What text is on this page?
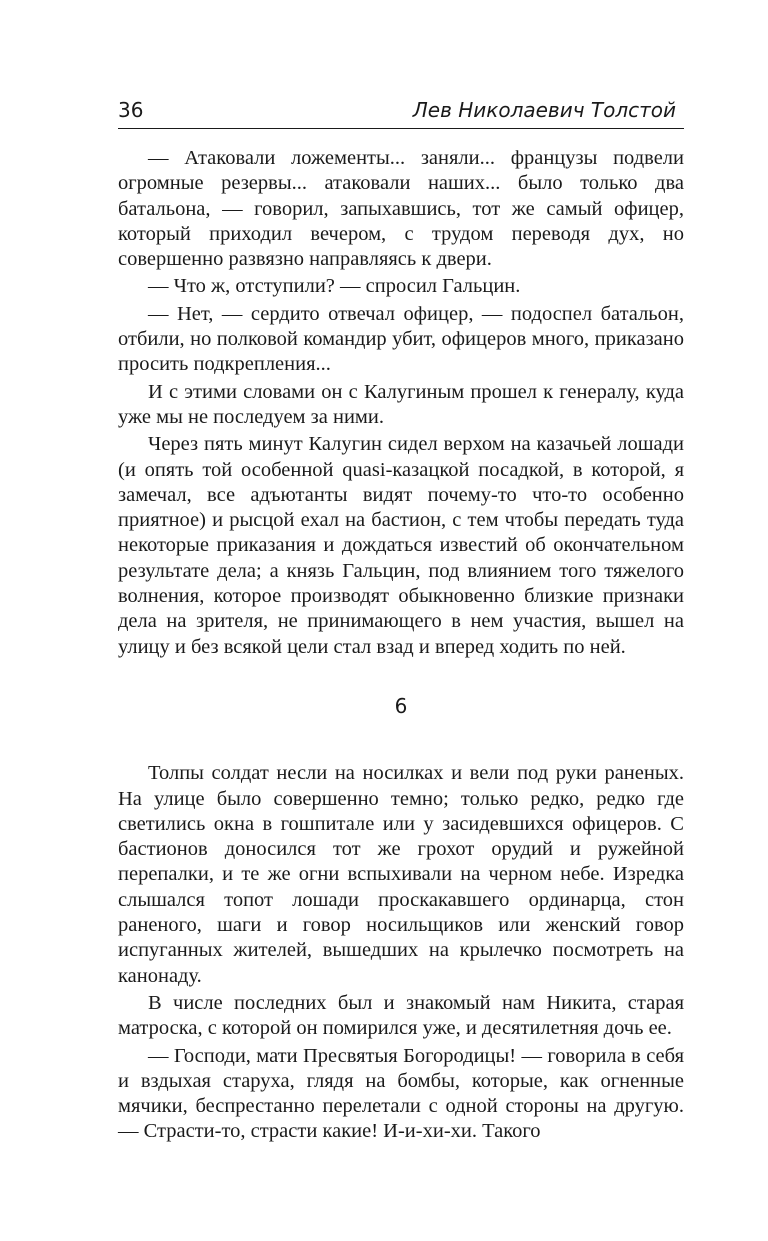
36	Лев Николаевич Толстой

— Атаковали ложементы... заняли... французы подвели огромные резервы... атаковали наших... было только два батальона, — говорил, запыхавшись, тот же самый офицер, который приходил вечером, с трудом переводя дух, но совершенно развязно направляясь к двери.

— Что ж, отступили? — спросил Гальцин.

— Нет, — сердито отвечал офицер, — подоспел батальон, отбили, но полковой командир убит, офицеров много, приказано просить подкрепления...

И с этими словами он с Калугиным прошел к генералу, куда уже мы не последуем за ними.

Через пять минут Калугин сидел верхом на казачьей лошади (и опять той особенной quasi-казацкой посадкой, в которой, я замечал, все адъютанты видят почему-то что-то особенно приятное) и рысцой ехал на бастион, с тем чтобы передать туда некоторые приказания и дождаться известий об окончательном результате дела; а князь Гальцин, под влиянием того тяжелого волнения, которое производят обыкновенно близкие признаки дела на зрителя, не принимающего в нем участия, вышел на улицу и без всякой цели стал взад и вперед ходить по ней.

6

Толпы солдат несли на носилках и вели под руки раненых. На улице было совершенно темно; только редко, редко где светились окна в гошпитале или у засидевшихся офицеров. С бастионов доносился тот же грохот орудий и ружейной перепалки, и те же огни вспыхивали на черном небе. Изредка слышался топот лошади проскакавшего ординарца, стон раненого, шаги и говор носильщиков или женский говор испуганных жителей, вышедших на крылечко посмотреть на канонаду.

В числе последних был и знакомый нам Никита, старая матроска, с которой он помирился уже, и десятилетняя дочь ее.

— Господи, мати Пресвятыя Богородицы! — говорила в себя и вздыхая старуха, глядя на бомбы, которые, как огненные мячики, беспрестанно перелетали с одной стороны на другую. — Страсти-то, страсти какие! И-и-хи-хи. Такого
